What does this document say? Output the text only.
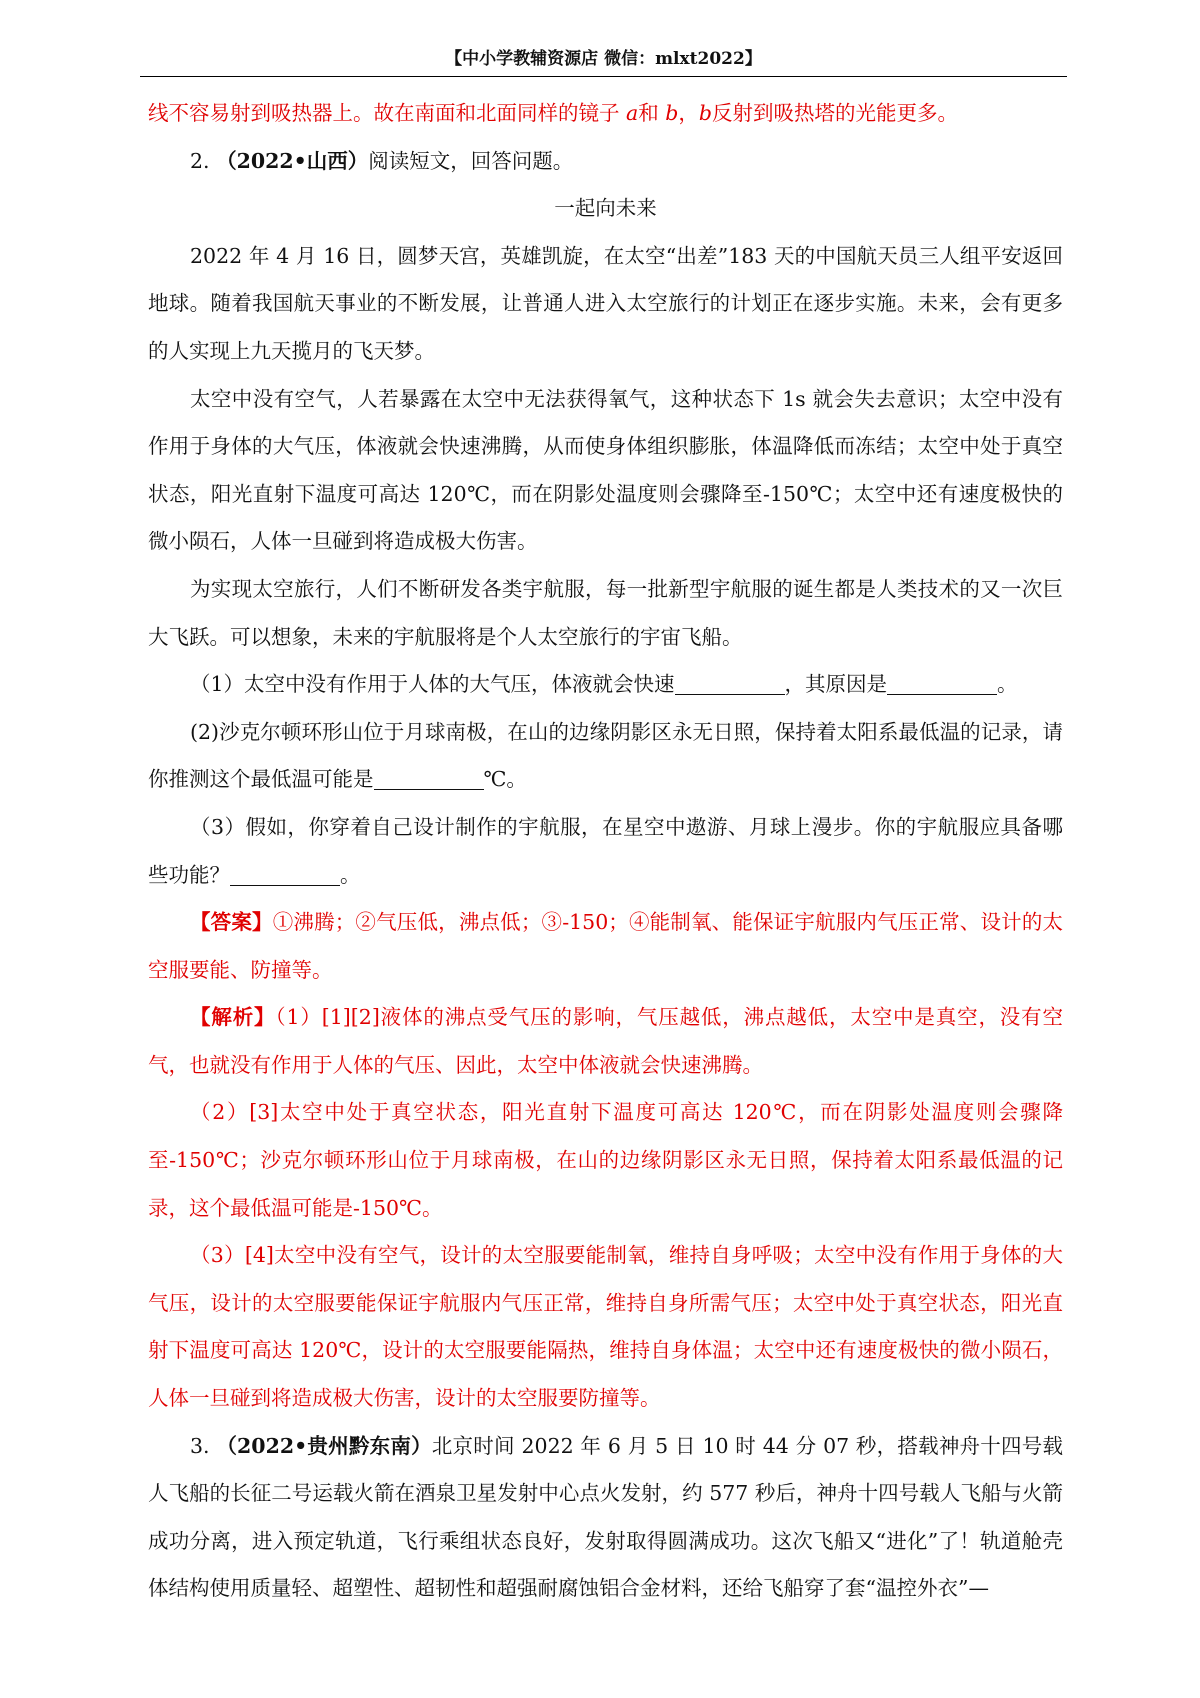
【中小学教辅资源店 微信：mlxt2022】

线不容易射到吸热器上。故在南面和北面同样的镜子 a和 b，b反射到吸热塔的光能更多。

2. （2022•山西）阅读短文，回答问题。

一起向未来

2022 年 4 月 16 日，圆梦天宫，英雄凯旋，在太空“出差”183 天的中国航天员三人组平安返回地球。随着我国航天事业的不断发展，让普通人进入太空旅行的计划正在逐步实施。未来，会有更多的人实现上九天揽月的飞天梦。

太空中没有空气，人若暴露在太空中无法获得氧气，这种状态下 1s 就会失去意识；太空中没有作用于身体的大气压，体液就会快速沸腾，从而使身体组织膨胀，体温降低而冻结；太空中处于真空状态，阳光直射下温度可高达 120℃，而在阴影处温度则会骤降至-150℃；太空中还有速度极快的微小陨石，人体一旦碰到将造成极大伤害。

为实现太空旅行，人们不断研发各类宇航服，每一批新型宇航服的诞生都是人类技术的又一次巨大飞跃。可以想象，未来的宇航服将是个人太空旅行的宇宙飞船。

（1）太空中没有作用于人体的大气压，体液就会快速	，其原因是	。

(2)沙克尔顿环形山位于月球南极，在山的边缘阴影区永无日照，保持着太阳系最低温的记录，请你推测这个最低温可能是	℃。

（3）假如，你穿着自己设计制作的宇航服，在星空中遨游、月球上漫步。你的宇航服应具备哪些功能？	。

【答案】①沸腾；②气压低，沸点低；③-150；④能制氧、能保证宇航服内气压正常、设计的太空服要能、防撞等。

【解析】（1）[1][2]液体的沸点受气压的影响，气压越低，沸点越低，太空中是真空，没有空气，也就没有作用于人体的气压、因此，太空中体液就会快速沸腾。

（2）[3]太空中处于真空状态，阳光直射下温度可高达 120℃，而在阴影处温度则会骤降至-150℃；沙克尔顿环形山位于月球南极，在山的边缘阴影区永无日照，保持着太阳系最低温的记录，这个最低温可能是-150℃。

（3）[4]太空中没有空气，设计的太空服要能制氧，维持自身呼吸；太空中没有作用于身体的大气压，设计的太空服要能保证宇航服内气压正常，维持自身所需气压；太空中处于真空状态，阳光直射下温度可高达 120℃，设计的太空服要能隔热，维持自身体温；太空中还有速度极快的微小陨石，人体一旦碰到将造成极大伤害，设计的太空服要防撞等。

3. （2022•贵州黔东南）北京时间 2022 年 6 月 5 日 10 时 44 分 07 秒，搭载神舟十四号载人飞船的长征二号运载火箭在酒泉卫星发射中心点火发射，约 577 秒后，神舟十四号载人飞船与火箭成功分离，进入预定轨道，飞行乘组状态良好，发射取得圆满成功。这次飞船又“进化”了！轨道舱壳体结构使用质量轻、超塑性、超韧性和超强耐腐蚀铝合金材料，还给飞船穿了套“温控外衣”—
